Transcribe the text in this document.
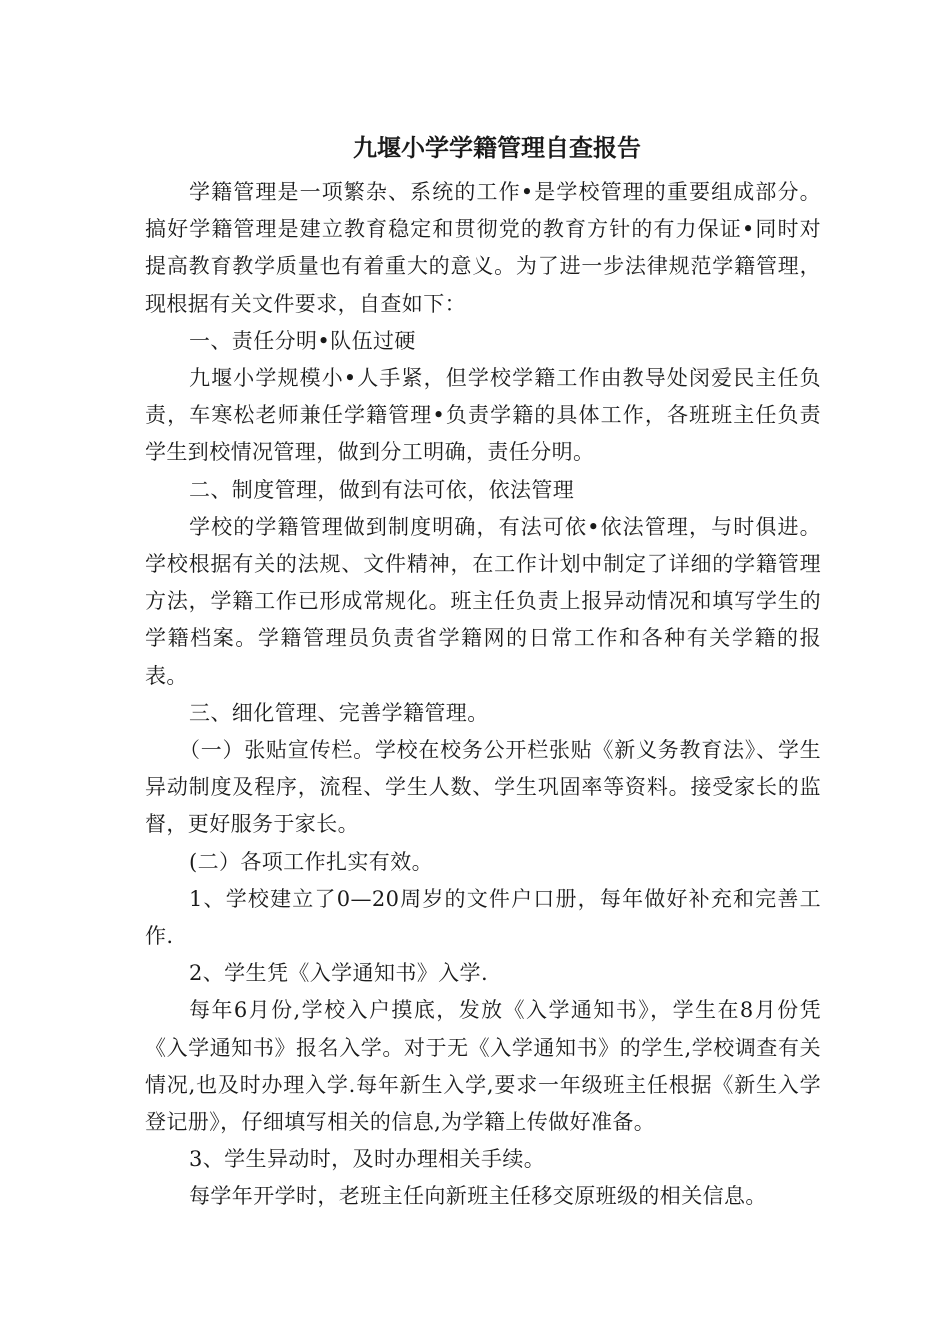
九堰小学学籍管理自查报告

学籍管理是一项繁杂、系统的工作•是学校管理的重要组成部分。搞好学籍管理是建立教育稳定和贯彻党的教育方针的有力保证•同时对提高教育教学质量也有着重大的意义。为了进一步法律规范学籍管理，现根据有关文件要求，自查如下：

一、责任分明•队伍过硬

九堰小学规模小•人手紧，但学校学籍工作由教导处闵爱民主任负责，车寒松老师兼任学籍管理•负责学籍的具体工作，各班班主任负责学生到校情况管理，做到分工明确，责任分明。

二、制度管理，做到有法可依，依法管理

学校的学籍管理做到制度明确，有法可依•依法管理，与时俱进。学校根据有关的法规、文件精神，在工作计划中制定了详细的学籍管理方法，学籍工作已形成常规化。班主任负责上报异动情况和填写学生的学籍档案。学籍管理员负责省学籍网的日常工作和各种有关学籍的报表。

三、细化管理、完善学籍管理。

（一）张贴宣传栏。学校在校务公开栏张贴《新义务教育法》、学生异动制度及程序，流程、学生人数、学生巩固率等资料。接受家长的监督，更好服务于家长。

(二）各项工作扎实有效。

1、学校建立了0—20周岁的文件户口册，每年做好补充和完善工作.

2、学生凭《入学通知书》入学.

每年6月份,学校入户摸底，发放《入学通知书》，学生在8月份凭《入学通知书》报名入学。对于无《入学通知书》的学生,学校调查有关情况,也及时办理入学.每年新生入学,要求一年级班主任根据《新生入学登记册》，仔细填写相关的信息,为学籍上传做好准备。

3、学生异动时，及时办理相关手续。

每学年开学时，老班主任向新班主任移交原班级的相关信息。
